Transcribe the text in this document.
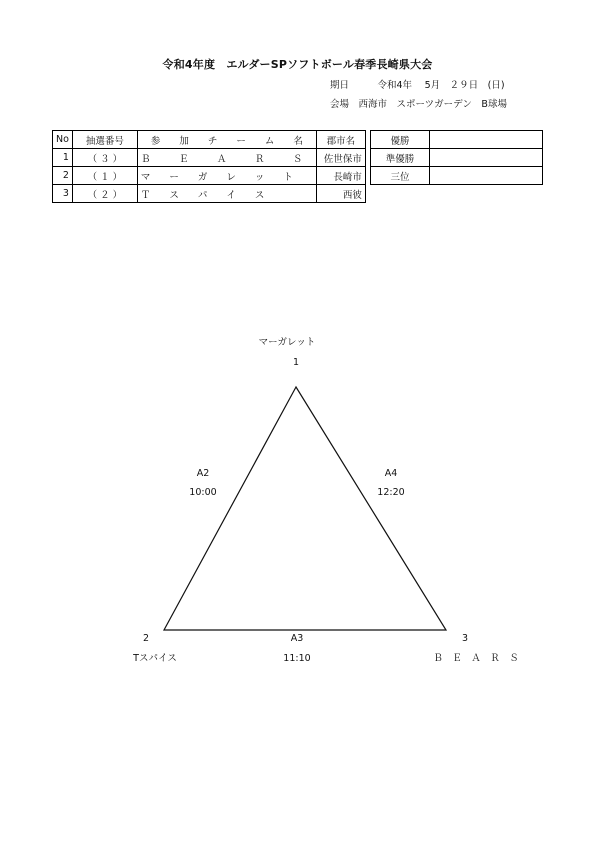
令和4年度　エルダーSPソフトボール春季長崎県大会
期日　　　令和4年　 5月　２９日　(日)
会場　西海市　スポーツガーデン　B球場
No	抽選番号	参　　加　　チ　　ー　　ム　　名	郡市名
1	（ ３ ）	Ｂ　　　Ｅ　　　Ａ　　　Ｒ　　　Ｓ	佐世保市
2	（ １ ）	マ　　ー　　ガ　　レ　　ッ　　ト	長崎市
3	（ ２ ）	Ｔ　　ス　　パ　　イ　　ス	西彼
優勝	
準優勝	
三位	
マーガレット
1
2
Tスパイス
3
Ｂ　Ｅ　Ａ　Ｒ　Ｓ
A2
10:00
A4
12:20
A3
11:10
